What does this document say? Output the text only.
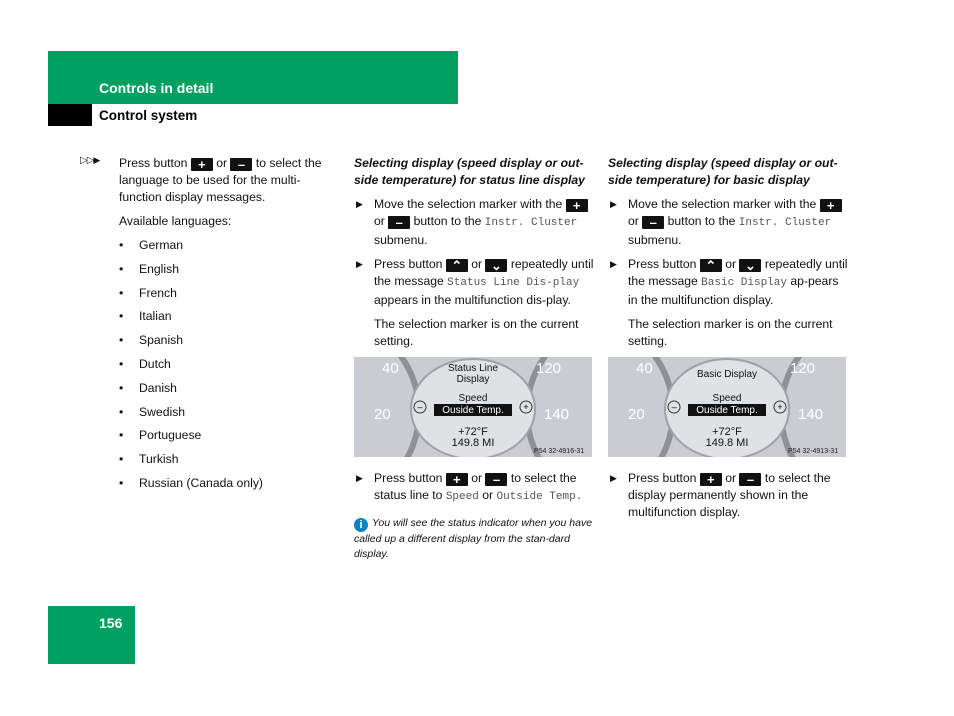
Controls in detail
Control system
▷▷▶ Press button + or – to select the language to be used for the multi-function display messages.

Available languages:

• German
• English
• French
• Italian
• Spanish
• Dutch
• Danish
• Swedish
• Portuguese
• Turkish
• Russian (Canada only)

Selecting display (speed display or out-side temperature) for status line display

▶ Move the selection marker with the + or – button to the Instr. Cluster submenu.
▶ Press button ⌃ or ⌄ repeatedly until the message Status Line Dis-play appears in the multifunction dis-play.

The selection marker is on the current setting.

40
20
120
140
Status Line
Display
Speed
Ouside Temp.
–	+
+72°F
149.8 MI
P54 32-4916-31
▶ Press button + or – to select the status line to Speed or Outside Temp.
i You will see the status indicator when you have called up a different display from the stan-dard display.

Selecting display (speed display or out-side temperature) for basic display

▶ Move the selection marker with the + or – button to the Instr. Cluster submenu.
▶ Press button ⌃ or ⌄ repeatedly until the message Basic Display ap-pears in the multifunction display.

The selection marker is on the current setting.

40
20
120
140
Basic Display
Speed
Ouside Temp.
–	+
+72°F
149.8 MI
P54 32-4913-31
▶ Press button + or – to select the display permanently shown in the multifunction display.
156
